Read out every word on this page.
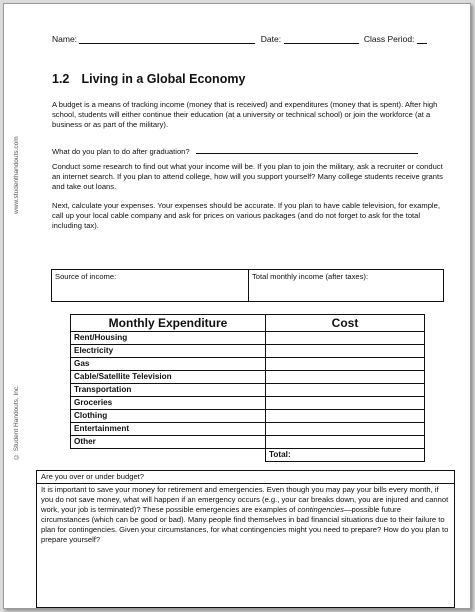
Name:	Date:	Class Period:
1.2 Living in a Global Economy
A budget is a means of tracking income (money that is received) and expenditures (money that is spent). After high school, students will either continue their education (at a university or technical school) or join the workforce (at a business or as part of the military).
What do you plan to do after graduation?
Conduct some research to find out what your income will be. If you plan to join the military, ask a recruiter or conduct an internet search. If you plan to attend college, how will you support yourself? Many college students receive grants and take out loans.
Next, calculate your expenses. Your expenses should be accurate. If you plan to have cable television, for example, call up your local cable company and ask for prices on various packages (and do not forget to ask for the total including tax).
www.studenthandouts.com
© Student Handouts, Inc.
Source of income:	Total monthly income (after taxes):
Monthly Expenditure	Cost
Rent/Housing	
Electricity	
Gas	
Cable/Satellite Television	
Transportation	
Groceries	
Clothing	
Entertainment	
Other	
	Total:
Are you over or under budget?
It is important to save your money for retirement and emergencies. Even though you may pay your bills every month, if you do not save money, what will happen if an emergency occurs (e.g., your car breaks down, you are injured and cannot work, your job is terminated)? These possible emergencies are examples of contingencies—possible future circumstances (which can be good or bad). Many people find themselves in bad financial situations due to their failure to plan for contingencies. Given your circumstances, for what contingencies might you need to prepare? How do you plan to prepare yourself?
